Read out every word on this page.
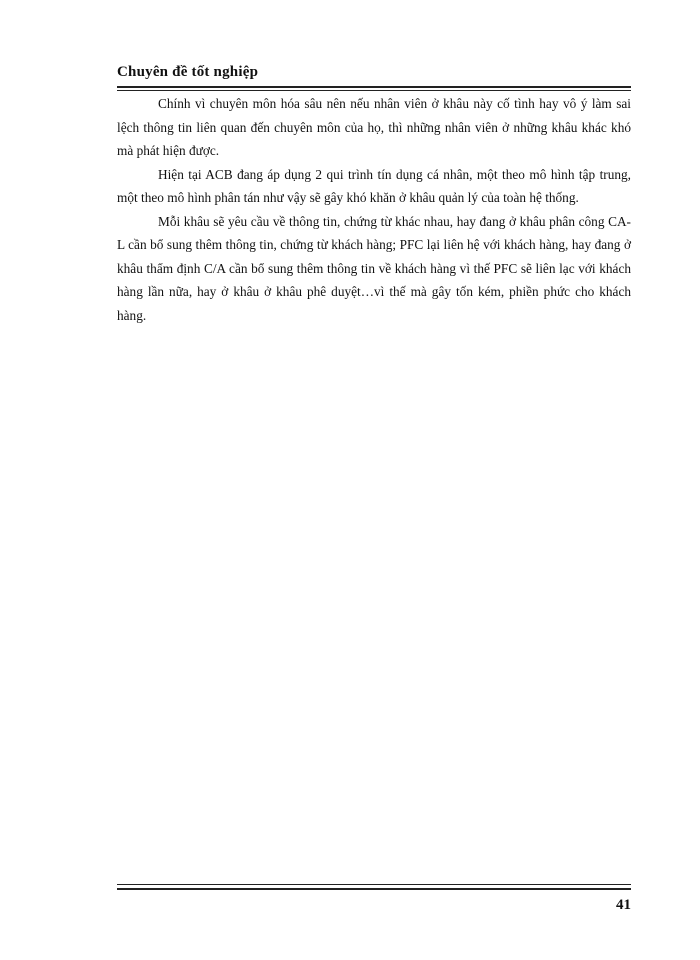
Chuyên đề tốt nghiệp

Chính vì chuyên môn hóa sâu nên nếu nhân viên ở khâu này cố tình hay vô ý làm sai lệch thông tin liên quan đến chuyên môn của họ, thì những nhân viên ở những khâu khác khó mà phát hiện được.

Hiện tại ACB đang áp dụng 2 qui trình tín dụng cá nhân, một theo mô hình tập trung, một theo mô hình phân tán như vậy sẽ gây khó khăn ở khâu quản lý của toàn hệ thống.

Mỗi khâu sẽ yêu cầu về thông tin, chứng từ khác nhau, hay đang ở khâu phân công CA-L cần bổ sung thêm thông tin, chứng từ khách hàng; PFC lại liên hệ với khách hàng, hay đang ở khâu thẩm định C/A cần bổ sung thêm thông tin về khách hàng vì thế PFC sẽ liên lạc với khách hàng lần nữa, hay ở khâu ở khâu phê duyệt…vì thế mà gây tốn kém, phiền phức cho khách hàng.

41
